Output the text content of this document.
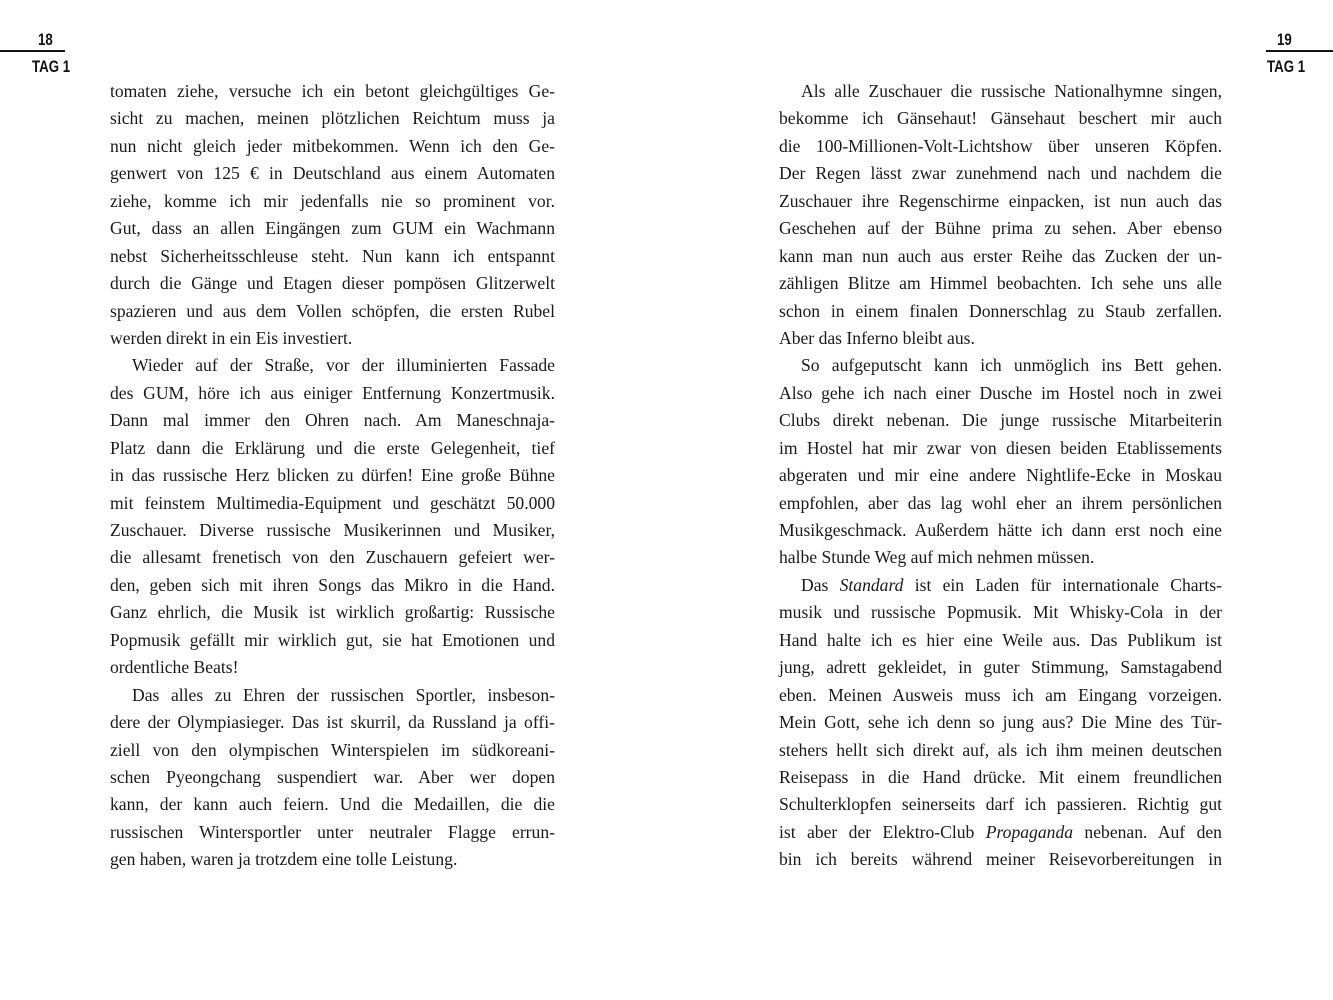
18
TAG 1
tomaten ziehe, versuche ich ein betont gleichgültiges Ge-
sicht zu machen, meinen plötzlichen Reichtum muss ja
nun nicht gleich jeder mitbekommen. Wenn ich den Ge-
genwert von 125 € in Deutschland aus einem Automaten
ziehe, komme ich mir jedenfalls nie so prominent vor.
Gut, dass an allen Eingängen zum GUM ein Wachmann
nebst Sicherheitsschleuse steht. Nun kann ich entspannt
durch die Gänge und Etagen dieser pompösen Glitzerwelt
spazieren und aus dem Vollen schöpfen, die ersten Rubel
werden direkt in ein Eis investiert.
Wieder auf der Straße, vor der illuminierten Fassade
des GUM, höre ich aus einiger Entfernung Konzertmusik.
Dann mal immer den Ohren nach. Am Maneschnaja-
Platz dann die Erklärung und die erste Gelegenheit, tief
in das russische Herz blicken zu dürfen! Eine große Bühne
mit feinstem Multimedia-Equipment und geschätzt 50.000
Zuschauer. Diverse russische Musikerinnen und Musiker,
die allesamt frenetisch von den Zuschauern gefeiert wer-
den, geben sich mit ihren Songs das Mikro in die Hand.
Ganz ehrlich, die Musik ist wirklich großartig: Russische
Popmusik gefällt mir wirklich gut, sie hat Emotionen und
ordentliche Beats!
Das alles zu Ehren der russischen Sportler, insbeson-
dere der Olympiasieger. Das ist skurril, da Russland ja offi-
ziell von den olympischen Winterspielen im südkoreani-
schen Pyeongchang suspendiert war. Aber wer dopen
kann, der kann auch feiern. Und die Medaillen, die die
russischen Wintersportler unter neutraler Flagge errun-
gen haben, waren ja trotzdem eine tolle Leistung.
19
TAG 1
Als alle Zuschauer die russische Nationalhymne singen,
bekomme ich Gänsehaut! Gänsehaut beschert mir auch
die 100-Millionen-Volt-Lichtshow über unseren Köpfen.
Der Regen lässt zwar zunehmend nach und nachdem die
Zuschauer ihre Regenschirme einpacken, ist nun auch das
Geschehen auf der Bühne prima zu sehen. Aber ebenso
kann man nun auch aus erster Reihe das Zucken der un-
zähligen Blitze am Himmel beobachten. Ich sehe uns alle
schon in einem finalen Donnerschlag zu Staub zerfallen.
Aber das Inferno bleibt aus.
So aufgeputscht kann ich unmöglich ins Bett gehen.
Also gehe ich nach einer Dusche im Hostel noch in zwei
Clubs direkt nebenan. Die junge russische Mitarbeiterin
im Hostel hat mir zwar von diesen beiden Etablissements
abgeraten und mir eine andere Nightlife-Ecke in Moskau
empfohlen, aber das lag wohl eher an ihrem persönlichen
Musikgeschmack. Außerdem hätte ich dann erst noch eine
halbe Stunde Weg auf mich nehmen müssen.
Das Standard ist ein Laden für internationale Charts-
musik und russische Popmusik. Mit Whisky-Cola in der
Hand halte ich es hier eine Weile aus. Das Publikum ist
jung, adrett gekleidet, in guter Stimmung, Samstagabend
eben. Meinen Ausweis muss ich am Eingang vorzeigen.
Mein Gott, sehe ich denn so jung aus? Die Mine des Tür-
stehers hellt sich direkt auf, als ich ihm meinen deutschen
Reisepass in die Hand drücke. Mit einem freundlichen
Schulterklopfen seinerseits darf ich passieren. Richtig gut
ist aber der Elektro-Club Propaganda nebenan. Auf den
bin ich bereits während meiner Reisevorbereitungen in
